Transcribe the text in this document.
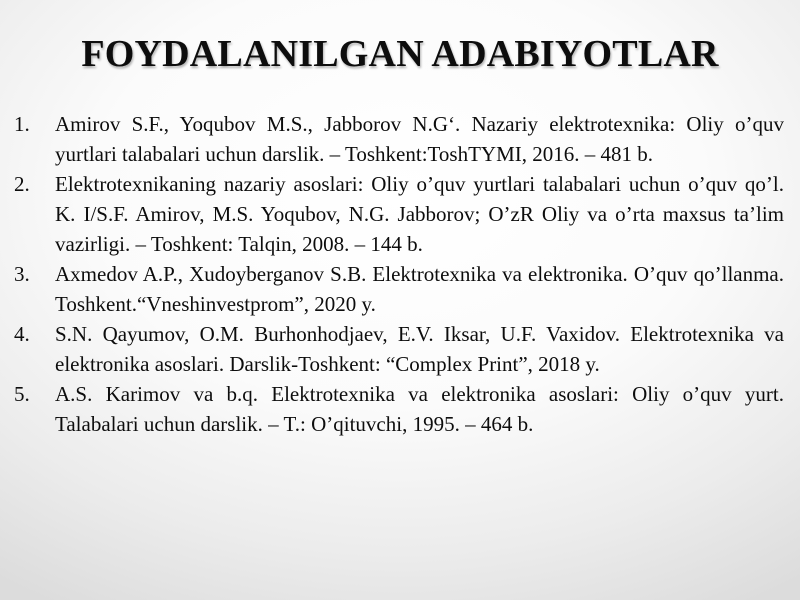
FOYDALANILGAN ADABIYOTLAR
1. Amirov S.F., Yoqubov M.S., Jabborov N.G‘. Nazariy elektrotexnika: Oliy o’quv yurtlari talabalari uchun darslik. – Toshkent:ToshTYMI, 2016. – 481 b.
2. Elektrotexnikaning nazariy asoslari: Oliy o’quv yurtlari talabalari uchun o’quv qo’l. K. I/S.F. Amirov, M.S. Yoqubov, N.G. Jabborov; O’zR Oliy va o’rta maxsus ta’lim vazirligi. – Toshkent: Talqin, 2008. – 144 b.
3. Axmedov A.P., Xudoyberganov S.B. Elektrotexnika va elektronika. O’quv qo’llanma. Toshkent.“Vneshinvestprom”, 2020 y.
4. S.N. Qayumov, O.M. Burhonhodjaev, E.V. Iksar, U.F. Vaxidov. Elektrotexnika va elektronika asoslari. Darslik-Toshkent: “Complex Print”, 2018 y.
5. A.S. Karimov va b.q. Elektrotexnika va elektronika asoslari: Oliy o’quv yurt. Talabalari uchun darslik. – T.: O’qituvchi, 1995. – 464 b.
